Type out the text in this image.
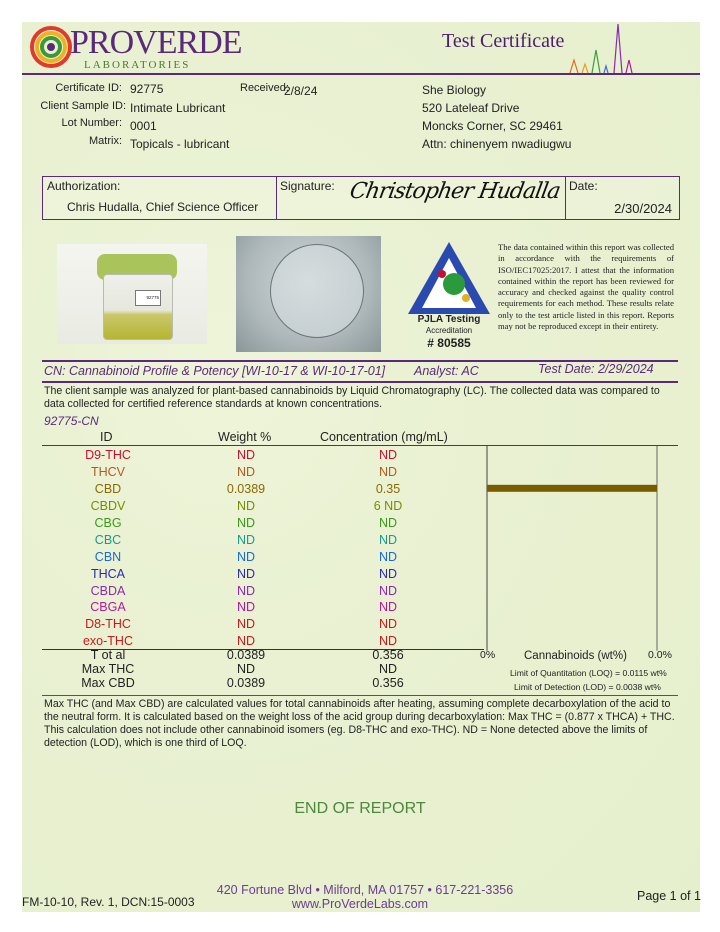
PROVERDE
LABORATORIES
Test Certificate
Certificate ID: 92775	Received:
2/8/24
Client Sample ID: Intimate Lubricant
Lot Number: 0001
Matrix: Topicals - lubricant
She Biology
520 Lateleaf Drive
Moncks Corner, SC 29461
Attn: chinenyem nwadiugwu
Authorization:
Chris Hudalla, Chief Science Officer
Signature: Christopher Hudalla Date:
2/30/2024
92775
PJLA Testing
Accreditation
# 80585
The data contained within this report was collected in accordance with the requirements of ISO/IEC17025:2017. I attest that the information contained within the report has been reviewed for accuracy and checked against the quality control requirements for each method. These results relate only to the test article listed in this report. Reports may not be reproduced except in their entirety.
CN: Cannabinoid Profile & Potency [WI-10-17 & WI-10-17-01] Analyst: AC	Test Date: 2/29/2024
The client sample was analyzed for plant-based cannabinoids by Liquid Chromatography (LC). The collected data was compared to data collected for certified reference standards at known concentrations.
92775-CN
ID	Weight %	Concentration (mg/mL)
D9-THC	ND	ND
THCV	ND	ND
CBD	0.0389	0.35
CBDV	ND	6 ND
CBG	ND	ND
CBC	ND	ND
CBN	ND	ND
THCA	ND	ND
CBDA	ND	ND
CBGA	ND	ND
D8-THC	ND	ND
exo-THC	ND	ND
T ot al	0.0389	0.356
Max THC	ND	ND
Max CBD	0.0389	0.356
0%	Cannabinoids (wt%) 0.0%
Limit of Quantitation (LOQ) = 0.0115 wt%
Limit of Detection (LOD) = 0.0038 wt%
Max THC (and Max CBD) are calculated values for total cannabinoids after heating, assuming complete decarboxylation of the acid to the neutral form. It is calculated based on the weight loss of the acid group during decarboxylation: Max THC = (0.877 x THCA) + THC. This calculation does not include other cannabinoid isomers (eg. D8-THC and exo-THC). ND = None detected above the limits of detection (LOD), which is one third of LOQ.
END OF REPORT
420 Fortune Blvd • Milford, MA 01757 • 617-221-3356
www.ProVerdeLabs.com
FM-10-10, Rev. 1, DCN:15-0003	Page 1 of 1
